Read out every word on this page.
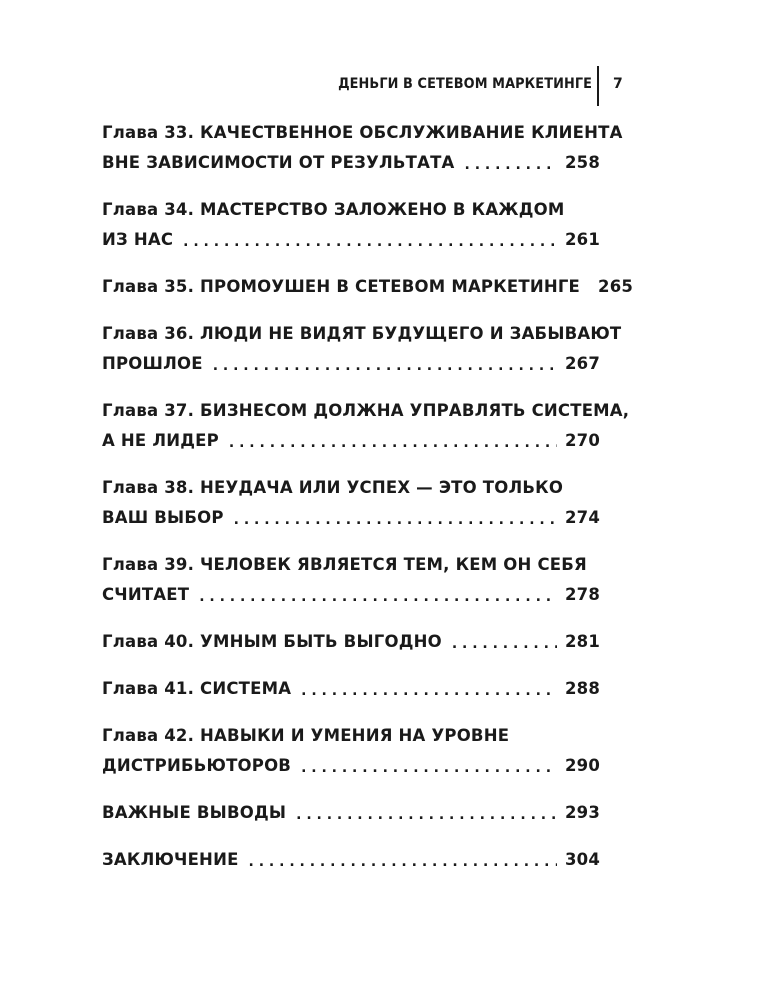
ДЕНЬГИ В СЕТЕВОМ МАРКЕТИНГЕ 7
Глава 33. КАЧЕСТВЕННОЕ ОБСЛУЖИВАНИЕ КЛИЕНТА
ВНЕ ЗАВИСИМОСТИ ОТ РЕЗУЛЬТАТА . . .	258
Глава 34. МАСТЕРСТВО ЗАЛОЖЕНО В КАЖДОМ
ИЗ НАС . . .	261
Глава 35. ПРОМОУШЕН В СЕТЕВОМ МАРКЕТИНГЕ 265
Глава 36. ЛЮДИ НЕ ВИДЯТ БУДУЩЕГО И ЗАБЫВАЮТ
ПРОШЛОЕ . . .	267
Глава 37. БИЗНЕСОМ ДОЛЖНА УПРАВЛЯТЬ СИСТЕМА,
А НЕ ЛИДЕР . . .	270
Глава 38. НЕУДАЧА ИЛИ УСПЕХ — ЭТО ТОЛЬКО
ВАШ ВЫБОР . . .	274
Глава 39. ЧЕЛОВЕК ЯВЛЯЕТСЯ ТЕМ, КЕМ ОН СЕБЯ
СЧИТАЕТ . . .	278
Глава 40. УМНЫМ БЫТЬ ВЫГОДНО . . .	281
Глава 41. СИСТЕМА . . .	288
Глава 42. НАВЫКИ И УМЕНИЯ НА УРОВНЕ
ДИСТРИБЬЮТОРОВ . . .	290
ВАЖНЫЕ ВЫВОДЫ . . .	293
ЗАКЛЮЧЕНИЕ . . .	304
